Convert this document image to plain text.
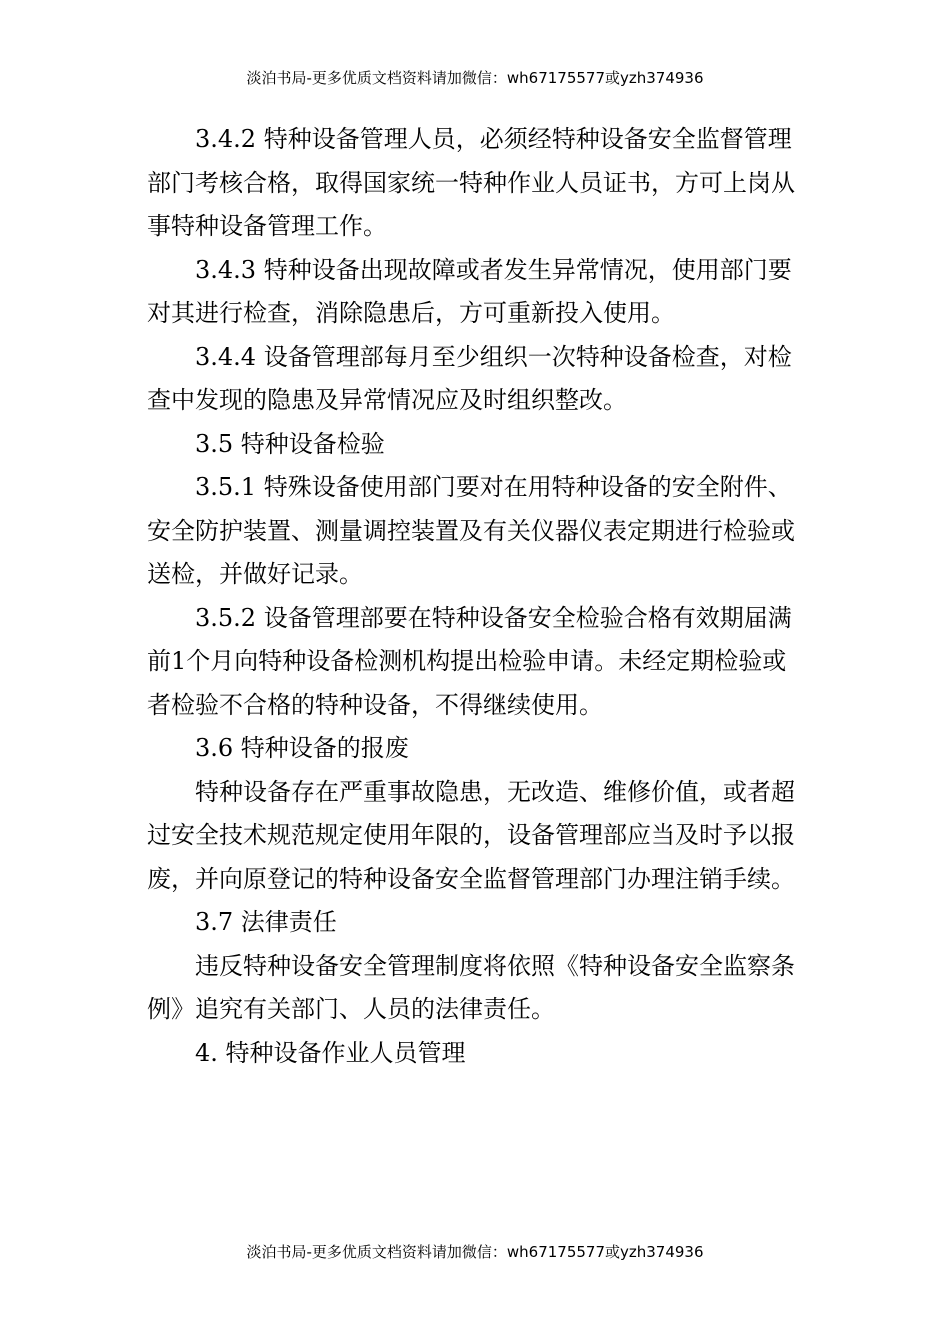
淡泊书局-更多优质文档资料请加微信：wh67175577或yzh374936

3.4.2 特种设备管理人员，必须经特种设备安全监督管理部门考核合格，取得国家统一特种作业人员证书，方可上岗从事特种设备管理工作。

3.4.3 特种设备出现故障或者发生异常情况，使用部门要对其进行检查，消除隐患后，方可重新投入使用。

3.4.4 设备管理部每月至少组织一次特种设备检查，对检查中发现的隐患及异常情况应及时组织整改。

3.5 特种设备检验

3.5.1 特殊设备使用部门要对在用特种设备的安全附件、安全防护装置、测量调控装置及有关仪器仪表定期进行检验或送检，并做好记录。

3.5.2 设备管理部要在特种设备安全检验合格有效期届满前1个月向特种设备检测机构提出检验申请。未经定期检验或者检验不合格的特种设备，不得继续使用。

3.6 特种设备的报废

特种设备存在严重事故隐患，无改造、维修价值，或者超过安全技术规范规定使用年限的，设备管理部应当及时予以报废，并向原登记的特种设备安全监督管理部门办理注销手续。

3.7 法律责任

违反特种设备安全管理制度将依照《特种设备安全监察条例》追究有关部门、人员的法律责任。

4. 特种设备作业人员管理

淡泊书局-更多优质文档资料请加微信：wh67175577或yzh374936
